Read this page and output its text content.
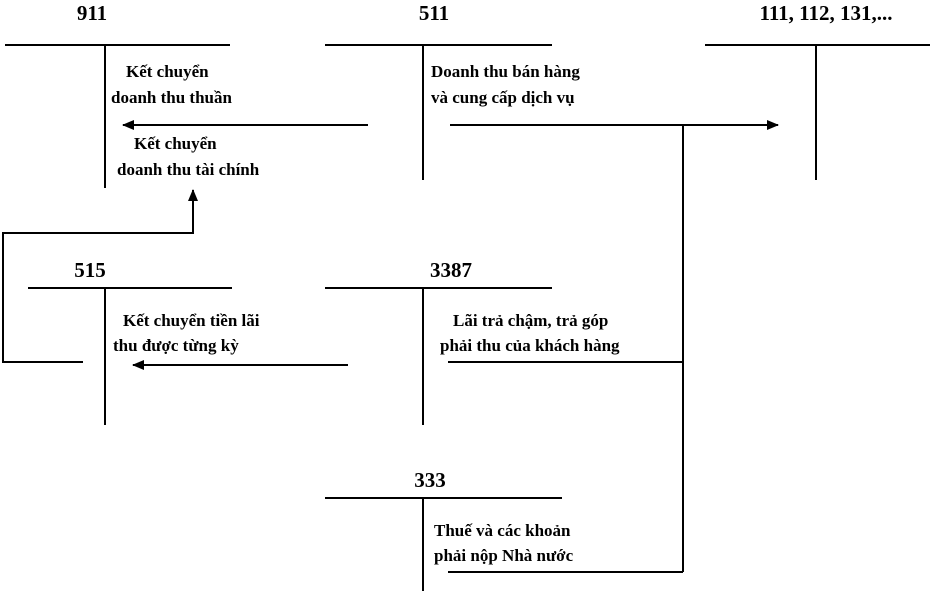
911	511	111, 112, 131,...
515	3387
333
Kết chuyển
doanh thu thuần
Kết chuyển
doanh thu tài chính
Doanh thu bán hàng
và cung cấp dịch vụ
Kết chuyển tiền lãi
thu được từng kỳ
Lãi trả chậm, trả góp
phải thu của khách hàng
Thuế và các khoản
phải nộp Nhà nước
